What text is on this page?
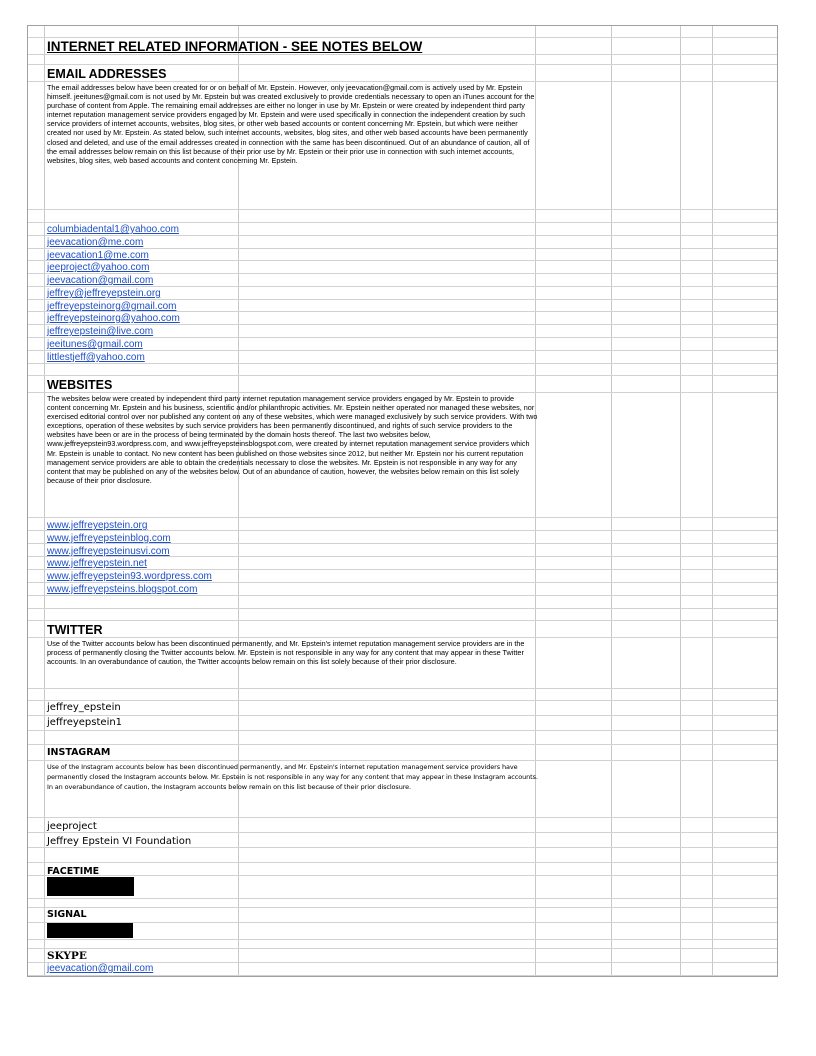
INTERNET RELATED INFORMATION - SEE NOTES BELOW
EMAIL ADDRESSES
The email addresses below have been created for or on behalf of Mr. Epstein. However, only jeevacation@gmail.com is actively used by Mr. Epstein himself. jeeitunes@gmail.com is not used by Mr. Epstein but was created exclusively to provide credentials necessary to open an iTunes account for the purchase of content from Apple. The remaining email addresses are either no longer in use by Mr. Epstein or were created by independent third party internet reputation management service providers engaged by Mr. Epstein and were used specifically in connection the independent creation by such service providers of internet accounts, websites, blog sites, or other web based accounts or content concerning Mr. Epstein, but which were neither created nor used by Mr. Epstein. As stated below, such internet accounts, websites, blog sites, and other web based accounts have been permanently closed and deleted, and use of the email addresses created in connection with the same has been discontinued. Out of an abundance of caution, all of the email addresses below remain on this list because of their prior use by Mr. Epstein or their prior use in connection with such internet accounts, websites, blog sites, web based accounts and content concerning Mr. Epstein.
columbiadental1@yahoo.com
jeevacation@me.com
jeevacation1@me.com
jeeproject@yahoo.com
jeevacation@gmail.com
jeffrey@jeffreyepstein.org
jeffreyepsteinorg@gmail.com
jeffreyepsteinorg@yahoo.com
jeffreyepstein@live.com
jeeitunes@gmail.com
littlestjeff@yahoo.com
WEBSITES
The websites below were created by independent third party internet reputation management service providers engaged by Mr. Epstein to provide content concerning Mr. Epstein and his business, scientific and/or philanthropic activities. Mr. Epstein neither operated nor managed these websites, nor exercised editorial control over nor published any content on any of these websites, which were managed exclusively by such service providers. With two exceptions, operation of these websites by such service providers has been permanently discontinued, and rights of such service providers to the websites have been or are in the process of being terminated by the domain hosts thereof. The last two websites below, www.jeffreyepstein93.wordpress.com, and www.jeffreyepsteinsblogspot.com, were created by internet reputation management service providers which Mr. Epstein is unable to contact. No new content has been published on those websites since 2012, but neither Mr. Epstein nor his current reputation management service providers are able to obtain the credentials necessary to close the websites. Mr. Epstein is not responsible in any way for any content that may be published on any of the websites below. Out of an abundance of caution, however, the websites below remain on this list solely because of their prior disclosure.
www.jeffreyepstein.org
www.jeffreyepsteinblog.com
www.jeffreyepsteinusvi.com
www.jeffreyepstein.net
www.jeffreyepstein93.wordpress.com
www.jeffreyepsteins.blogspot.com
TWITTER
Use of the Twitter accounts below has been discontinued permanently, and Mr. Epstein's internet reputation management service providers are in the process of permanently closing the Twitter accounts below. Mr. Epstein is not responsible in any way for any content that may appear in these Twitter accounts. In an overabundance of caution, the Twitter accounts below remain on this list solely because of their prior disclosure.
jeffrey_epstein
jeffreyepstein1
INSTAGRAM
Use of the Instagram accounts below has been discontinued permanently, and Mr. Epstein's internet reputation management service providers have permanently closed the Instagram accounts below. Mr. Epstein is not responsible in any way for any content that may appear in these Instagram accounts. In an overabundance of caution, the Instagram accounts below remain on this list because of their prior disclosure.
jeeproject
Jeffrey Epstein VI Foundation
FACETIME
SIGNAL
SKYPE
jeevacation@gmail.com
